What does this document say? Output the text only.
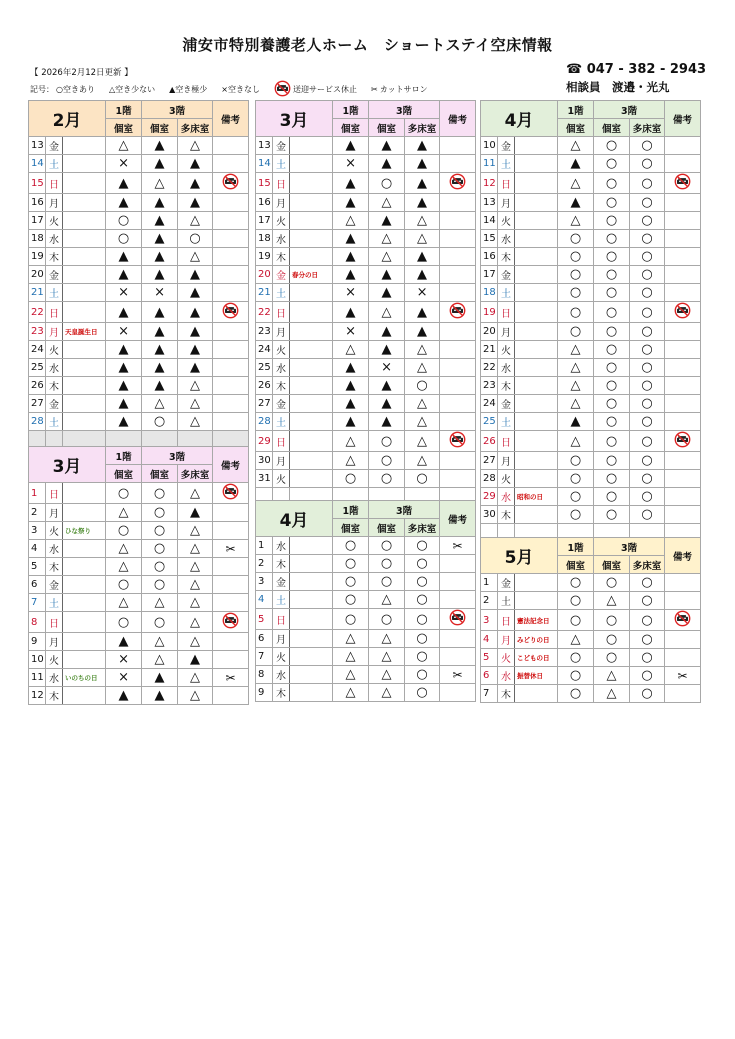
浦安市特別養護老人ホーム　ショートステイ空床情報
【 2026年2月12日更新 】
記号： ○空きあり △空き少ない ▲空き極少 ×空きなし	送迎サービス休止 ✂ カットサロン
☎ 047 - 382 - 2943
相談員　渡邉・光丸
2月			1階	3階		備考
			個室	個室	多床室	
13	金		△	▲	△	
14	土		×	▲	▲	
15	日		▲	△	▲	
16	月		▲	▲	▲	
17	火		○	▲	△	
18	水		○	▲	○	
19	木		▲	▲	△	
20	金		▲	▲	▲	
21	土		×	×	▲	
22	日		▲	▲	▲	
23	月	天皇誕生日	×	▲	▲	
24	火		▲	▲	▲	
25	水		▲	▲	▲	
26	木		▲	▲	△	
27	金		▲	△	△	
28	土		▲	○	△	

3月			1階	3階		備考
			個室	個室	多床室	
1	日		○	○	△	
2	月		△	○	▲	
3	火	ひな祭り	○	○	△	
4	水		△	○	△	✂
5	木		△	○	△	
6	金		○	○	△	
7	土		△	△	△	
8	日		○	○	△	
9	月		▲	△	△	
10	火		×	△	▲	
11	水	いのちの日	×	▲	△	✂
12	木		▲	▲	△	
3月			1階	3階		備考
			個室	個室	多床室	
13	金		▲	▲	▲	
14	土		×	▲	▲	
15	日		▲	○	▲	
16	月		▲	△	▲	
17	火		△	▲	△	
18	水		▲	△	△	
19	木		▲	△	▲	
20	金	春分の日	▲	▲	▲	
21	土		×	▲	×	
22	日		▲	△	▲	
23	月		×	▲	▲	
24	火		△	▲	△	
25	水		▲	×	△	
26	木		▲	▲	○	
27	金		▲	▲	△	
28	土		▲	▲	△	
29	日		△	○	△	
30	月		△	○	△	
31	火		○	○	○	

4月			1階	3階		備考
			個室	個室	多床室	
1	水		○	○	○	✂
2	木		○	○	○	
3	金		○	○	○	
4	土		○	△	○	
5	日		○	○	○	
6	月		△	△	○	
7	火		△	△	○	
8	水		△	△	○	✂
9	木		△	△	○	
4月			1階	3階		備考
			個室	個室	多床室	
10	金		△	○	○	
11	土		▲	○	○	
12	日		△	○	○	
13	月		▲	○	○	
14	火		△	○	○	
15	水		○	○	○	
16	木		○	○	○	
17	金		○	○	○	
18	土		○	○	○	
19	日		○	○	○	
20	月		○	○	○	
21	火		△	○	○	
22	水		△	○	○	
23	木		△	○	○	
24	金		△	○	○	
25	土		▲	○	○	
26	日		△	○	○	
27	月		○	○	○	
28	火		○	○	○	
29	水	昭和の日	○	○	○	
30	木		○	○	○	

5月			1階	3階		備考
			個室	個室	多床室	
1	金		○	○	○	
2	土		○	△	○	
3	日	憲法記念日	○	○	○	
4	月	みどりの日	△	○	○	
5	火	こどもの日	○	○	○	
6	水	振替休日	○	△	○	✂
7	木		○	△	○	
